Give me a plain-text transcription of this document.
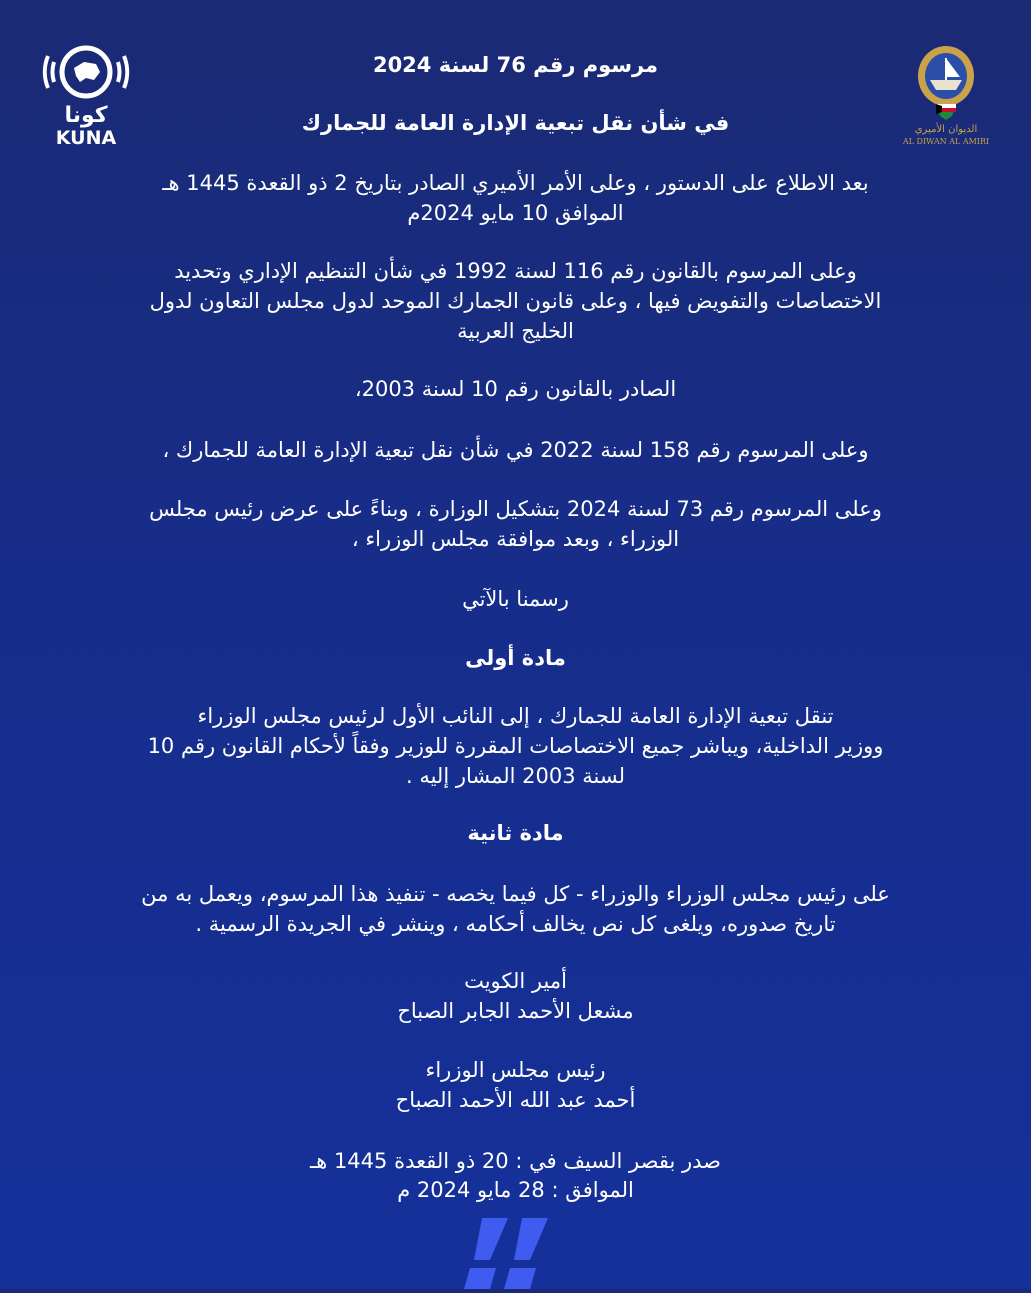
كونا
KUNA	الديوان الأميري
AL DIWAN AL AMIRI
مرسوم رقم 76 لسنة 2024
في شأن نقل تبعية الإدارة العامة للجمارك
بعد الاطلاع على الدستور ، وعلى الأمر الأميري الصادر بتاريخ 2 ذو القعدة 1445 هـ
الموافق 10 مايو 2024م
وعلى المرسوم بالقانون رقم 116 لسنة 1992 في شأن التنظيم الإداري وتحديد
الاختصاصات والتفويض فيها ، وعلى قانون الجمارك الموحد لدول مجلس التعاون لدول
الخليج العربية
الصادر بالقانون رقم 10 لسنة 2003،
وعلى المرسوم رقم 158 لسنة 2022 في شأن نقل تبعية الإدارة العامة للجمارك ،
وعلى المرسوم رقم 73 لسنة 2024 بتشكيل الوزارة ، وبناءً على عرض رئيس مجلس
الوزراء ، وبعد موافقة مجلس الوزراء ،
رسمنا بالآتي
مادة أولى
تنقل تبعية الإدارة العامة للجمارك ، إلى النائب الأول لرئيس مجلس الوزراء
ووزير الداخلية، ويباشر جميع الاختصاصات المقررة للوزير وفقاً لأحكام القانون رقم 10
لسنة 2003 المشار إليه .
مادة ثانية
على رئيس مجلس الوزراء والوزراء - كل فيما يخصه - تنفيذ هذا المرسوم، ويعمل به من
تاريخ صدوره، ويلغى كل نص يخالف أحكامه ، وينشر في الجريدة الرسمية .
أمير الكويت
مشعل الأحمد الجابر الصباح
رئيس مجلس الوزراء
أحمد عبد الله الأحمد الصباح
صدر بقصر السيف في : 20 ذو القعدة 1445 هـ
الموافق : 28 مايو 2024 م
